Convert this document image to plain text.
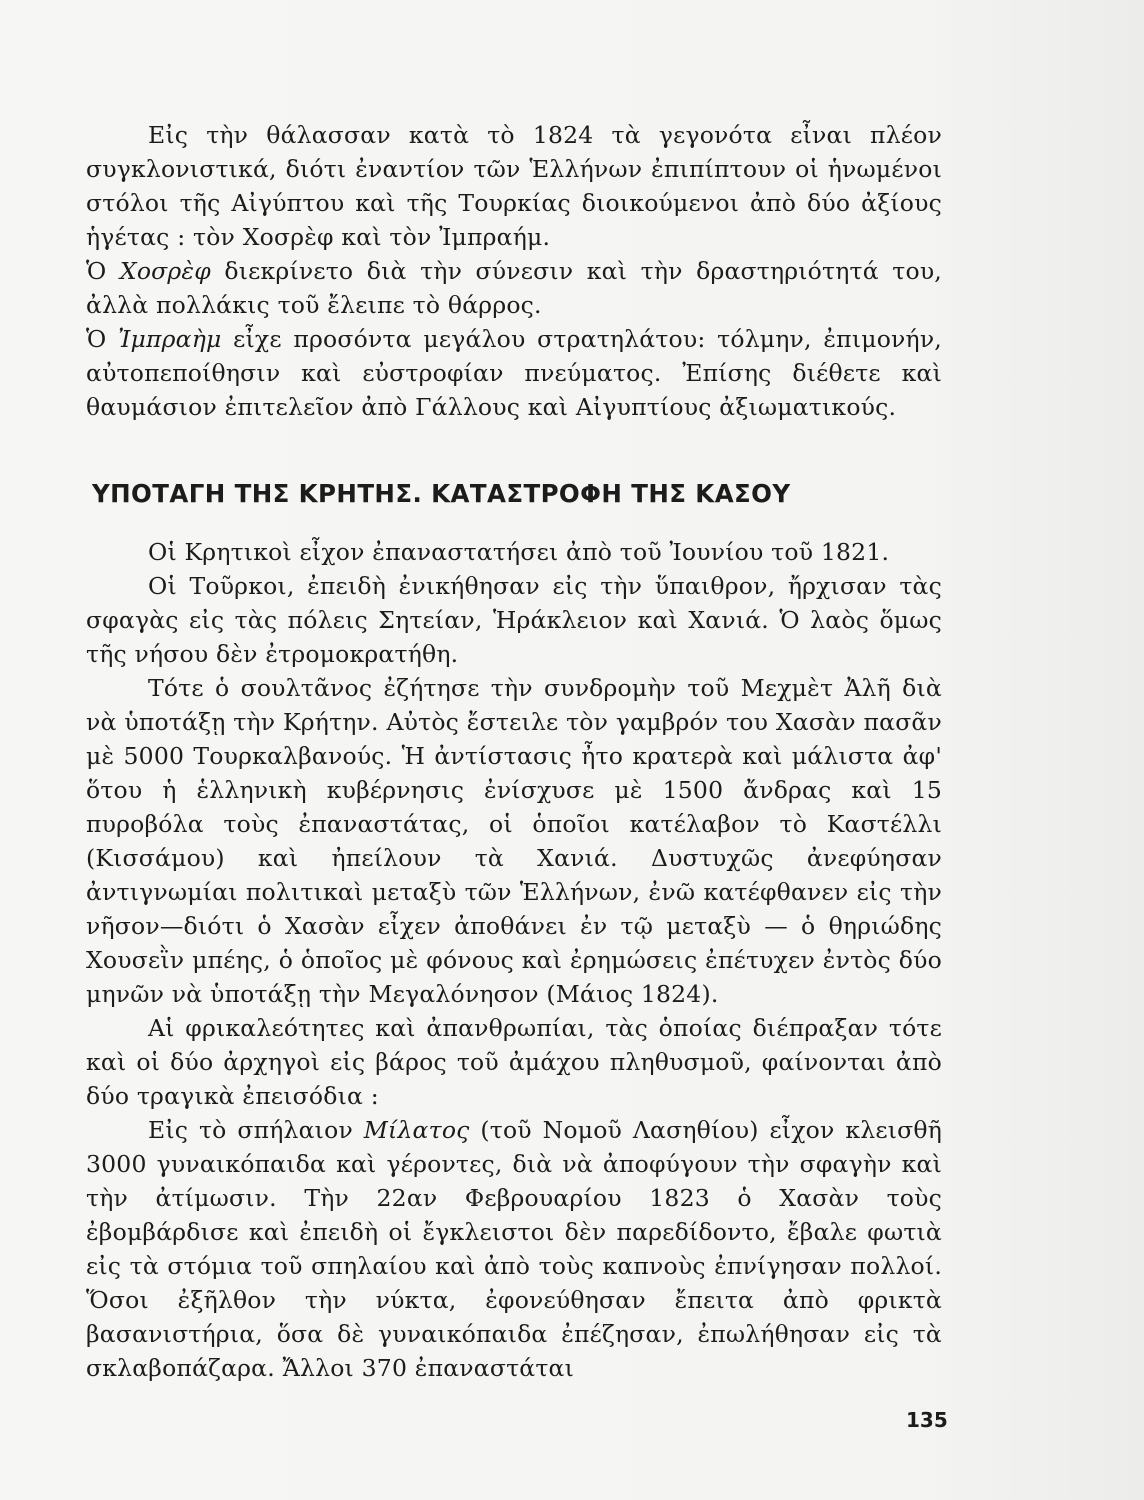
Εἰς τὴν θάλασσαν κατὰ τὸ 1824 τὰ γεγονότα εἶναι πλέον συγκλονιστικά, διότι ἐναντίον τῶν Ἑλλήνων ἐπιπίπτουν οἱ ἡνωμένοι στόλοι τῆς Αἰγύπτου καὶ τῆς Τουρκίας διοικούμενοι ἀπὸ δύο ἀξίους ἡγέτας : τὸν Χοσρὲφ καὶ τὸν Ἰμπραήμ.

Ὁ Χοσρὲφ διεκρίνετο διὰ τὴν σύνεσιν καὶ τὴν δραστηριότητά του, ἀλλὰ πολλάκις τοῦ ἔλειπε τὸ θάρρος.

Ὁ Ἰμπραὴμ εἶχε προσόντα μεγάλου στρατηλάτου: τόλμην, ἐπιμονήν, αὐτοπεποίθησιν καὶ εὐστροφίαν πνεύματος. Ἐπίσης διέθετε καὶ θαυμάσιον ἐπιτελεῖον ἀπὸ Γάλλους καὶ Αἰγυπτίους ἀξιωματικούς.

ΥΠΟΤΑΓΗ ΤΗΣ ΚΡΗΤΗΣ. ΚΑΤΑΣΤΡΟΦΗ ΤΗΣ ΚΑΣΟΥ

Οἱ Κρητικοὶ εἶχον ἐπαναστατήσει ἀπὸ τοῦ Ἰουνίου τοῦ 1821.

Οἱ Τοῦρκοι, ἐπειδὴ ἐνικήθησαν εἰς τὴν ὕπαιθρον, ἤρχισαν τὰς σφαγὰς εἰς τὰς πόλεις Σητείαν, Ἡράκλειον καὶ Χανιά. Ὁ λαὸς ὅμως τῆς νήσου δὲν ἐτρομοκρατήθη.

Τότε ὁ σουλτᾶνος ἐζήτησε τὴν συνδρομὴν τοῦ Μεχμὲτ Ἀλῆ διὰ νὰ ὑποτάξῃ τὴν Κρήτην. Αὐτὸς ἔστειλε τὸν γαμβρόν του Χασὰν πασᾶν μὲ 5000 Τουρκαλβανούς. Ἡ ἀντίστασις ἦτο κρατερὰ καὶ μάλιστα ἀφ' ὅτου ἡ ἑλληνικὴ κυβέρνησις ἐνίσχυσε μὲ 1500 ἄνδρας καὶ 15 πυροβόλα τοὺς ἐπαναστάτας, οἱ ὁποῖοι κατέλαβον τὸ Καστέλλι (Κισσάμου) καὶ ἠπείλουν τὰ Χανιά. Δυστυχῶς ἀνεφύησαν ἀντιγνωμίαι πολιτικαὶ μεταξὺ τῶν Ἑλλήνων, ἐνῶ κατέφθανεν εἰς τὴν νῆσον—διότι ὁ Χασὰν εἶχεν ἀποθάνει ἐν τῷ μεταξὺ — ὁ θηριώδης Χουσεῒν μπέης, ὁ ὁποῖος μὲ φόνους καὶ ἐρημώσεις ἐπέτυχεν ἐντὸς δύο μηνῶν νὰ ὑποτάξῃ τὴν Μεγαλόνησον (Μάιος 1824).

Αἱ φρικαλεότητες καὶ ἀπανθρωπίαι, τὰς ὁποίας διέπραξαν τότε καὶ οἱ δύο ἀρχηγοὶ εἰς βάρος τοῦ ἀμάχου πληθυσμοῦ, φαίνονται ἀπὸ δύο τραγικὰ ἐπεισόδια :

Εἰς τὸ σπήλαιον Μίλατος (τοῦ Νομοῦ Λασηθίου) εἶχον κλεισθῆ 3000 γυναικόπαιδα καὶ γέροντες, διὰ νὰ ἀποφύγουν τὴν σφαγὴν καὶ τὴν ἀτίμωσιν. Τὴν 22αν Φεβρουαρίου 1823 ὁ Χασὰν τοὺς ἐβομβάρδισε καὶ ἐπειδὴ οἱ ἔγκλειστοι δὲν παρεδίδοντο, ἔβαλε φωτιὰ εἰς τὰ στόμια τοῦ σπηλαίου καὶ ἀπὸ τοὺς καπνοὺς ἐπνίγησαν πολλοί. Ὅσοι ἐξῆλθον τὴν νύκτα, ἐφονεύθησαν ἔπειτα ἀπὸ φρικτὰ βασανιστήρια, ὅσα δὲ γυναικόπαιδα ἐπέζησαν, ἐπωλήθησαν εἰς τὰ σκλαβοπάζαρα. Ἄλλοι 370 ἐπαναστάται

135
